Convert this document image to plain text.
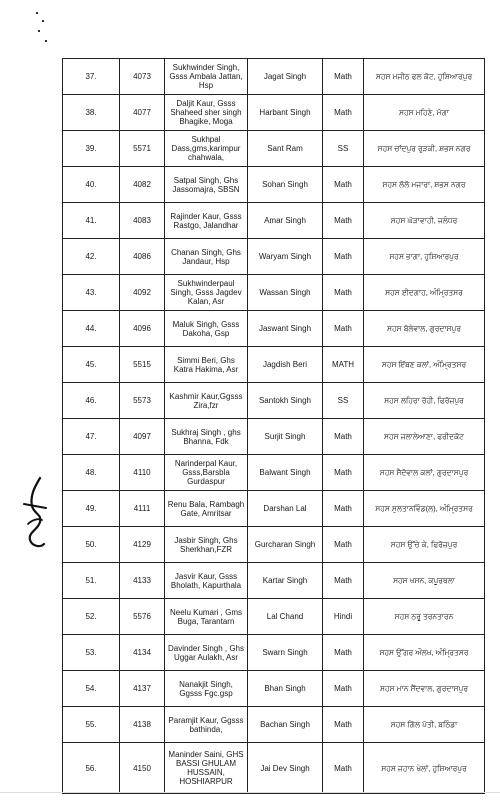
37.	4073	Sukhwinder Singh, Gsss Ambala Jattan, Hsp	Jagat Singh	Math	ਸਹਸ ਮਜੀਠ ਫਲ ਕੋਟ, ਹੁਸ਼ਿਆਰਪੁਰ
38.	4077	Daljit Kaur, Gsss Shaheed sher singh Bhagike, Moga	Harbant Singh	Math	ਸਹਸ ਮਹਿਣੇ, ਮੋਗਾ
39.	5571	Sukhpal Dass,gms,karimpur chahwala,	Sant Ram	SS	ਸਹਸ ਚਾਂਦਪੁਰ ਰੁੜਕੀ, ਸ਼ਭਸ ਨਗਰ
40.	4082	Satpal Singh, Ghs Jassomajra, SBSN	Sohan Singh	Math	ਸਹਸ ਲੱਲੋ ਮਜਾਰਾ, ਸ਼ਭਸ ਨਗਰ
41.	4083	Rajinder Kaur, Gsss Rastgo, Jalandhar	Amar Singh	Math	ਸਹਸ ਘੋੜਾਵਾਹੀ, ਜਲੰਧਰ
42.	4086	Chanan Singh, Ghs Jandaur, Hsp	Waryam Singh	Math	ਸਹਸ ਭਾਗਾ, ਹੁਸ਼ਿਆਰਪੁਰ
43.	4092	Sukhwinderpaul Singh, Gsss Jagdev Kalan, Asr	Wassan Singh	Math	ਸਹਸ ਈਦਗਾਹ, ਅੰਮ੍ਰਿਤਸਰ
44.	4096	Maluk Singh, Gsss Dakoha, Gsp	Jaswant Singh	Math	ਸਹਸ ਬੋਲੇਵਾਲ, ਗੁਰਦਾਸਪੁਰ
45.	5515	Simmi Beri, Ghs Katra Hakima, Asr	Jagdish Beri	MATH	ਸਹਸ ਇੱਬਣ ਕਲਾਂ, ਅੰਮ੍ਰਿਤਸਰ
46.	5573	Kashmir Kaur,Ggsss Zira,fzr	Santokh Singh	SS	ਸਹਸ ਲਹਿਰਾ ਰੋਹੀ, ਫਿਰੋਜ਼ਪੁਰ
47.	4097	Sukhraj Singh , ghs Bhanna, Fdk	Surjit Singh	Math	ਸਹਸ ਜਲਾਲੇਆਣਾ, ਫਰੀਦਕੋਟ
48.	4110	Narinderpal Kaur, Gsss,Barsbla Gurdaspur	Balwant Singh	Math	ਸਹਸ ਸੈਦੋਵਾਲ ਕਲਾਂ, ਗੁਰਦਾਸਪੁਰ
49.	4111	Renu Bala, Rambagh Gate, Amritsar	Darshan Lal	Math	ਸਹਸ ਸੁਲਤਾਨਵਿੰਡ(ਲ), ਅੰਮ੍ਰਿਤਸਰ
50.	4129	Jasbir Singh, Ghs Sherkhan,FZR	Gurcharan Singh	Math	ਸਹਸ ਉੱਚੇ ਕੇ, ਫਿਰੋਜ਼ਪੁਰ
51.	4133	Jasvir Kaur, Gsss Bholath, Kapurthala	Kartar Singh	Math	ਸਹਸ ਖਸਨ, ਕਪੂਰਥਲਾ
52.	5576	Neelu Kumari , Gms Buga, Tarantarn	Lal Chand	Hindi	ਸਹਸ ਠਰੂ ਤਰਨਤਾਰਨ
53.	4134	Davinder Singh , Ghs Uggar Aulakh, Asr	Swarn Singh	Math	ਸਹਸ ਉੱਗਰ ਔਲਖ, ਅੰਮ੍ਰਿਤਸਰ
54.	4137	Nanakjit Singh, Ggsss Fgc.gsp	Bhan Singh	Math	ਸਹਸ ਮਾਨ ਸੈਂਦਵਾਲ, ਗੁਰਦਾਸਪੁਰ
55.	4138	Paramjit Kaur, Ggsss bathinda,	Bachan Singh	Math	ਸਹਸ ਗਿੱਲ ਪੱਤੀ, ਬਠਿੰਡਾ
56.	4150	Maninder Saini, GHS BASSI GHULAM HUSSAIN, HOSHIARPUR	Jai Dev Singh	Math	ਸਹਸ ਜਹਾਨ ਖੇਲਾਂ, ਹੁਸ਼ਿਆਰਪੁਰ
